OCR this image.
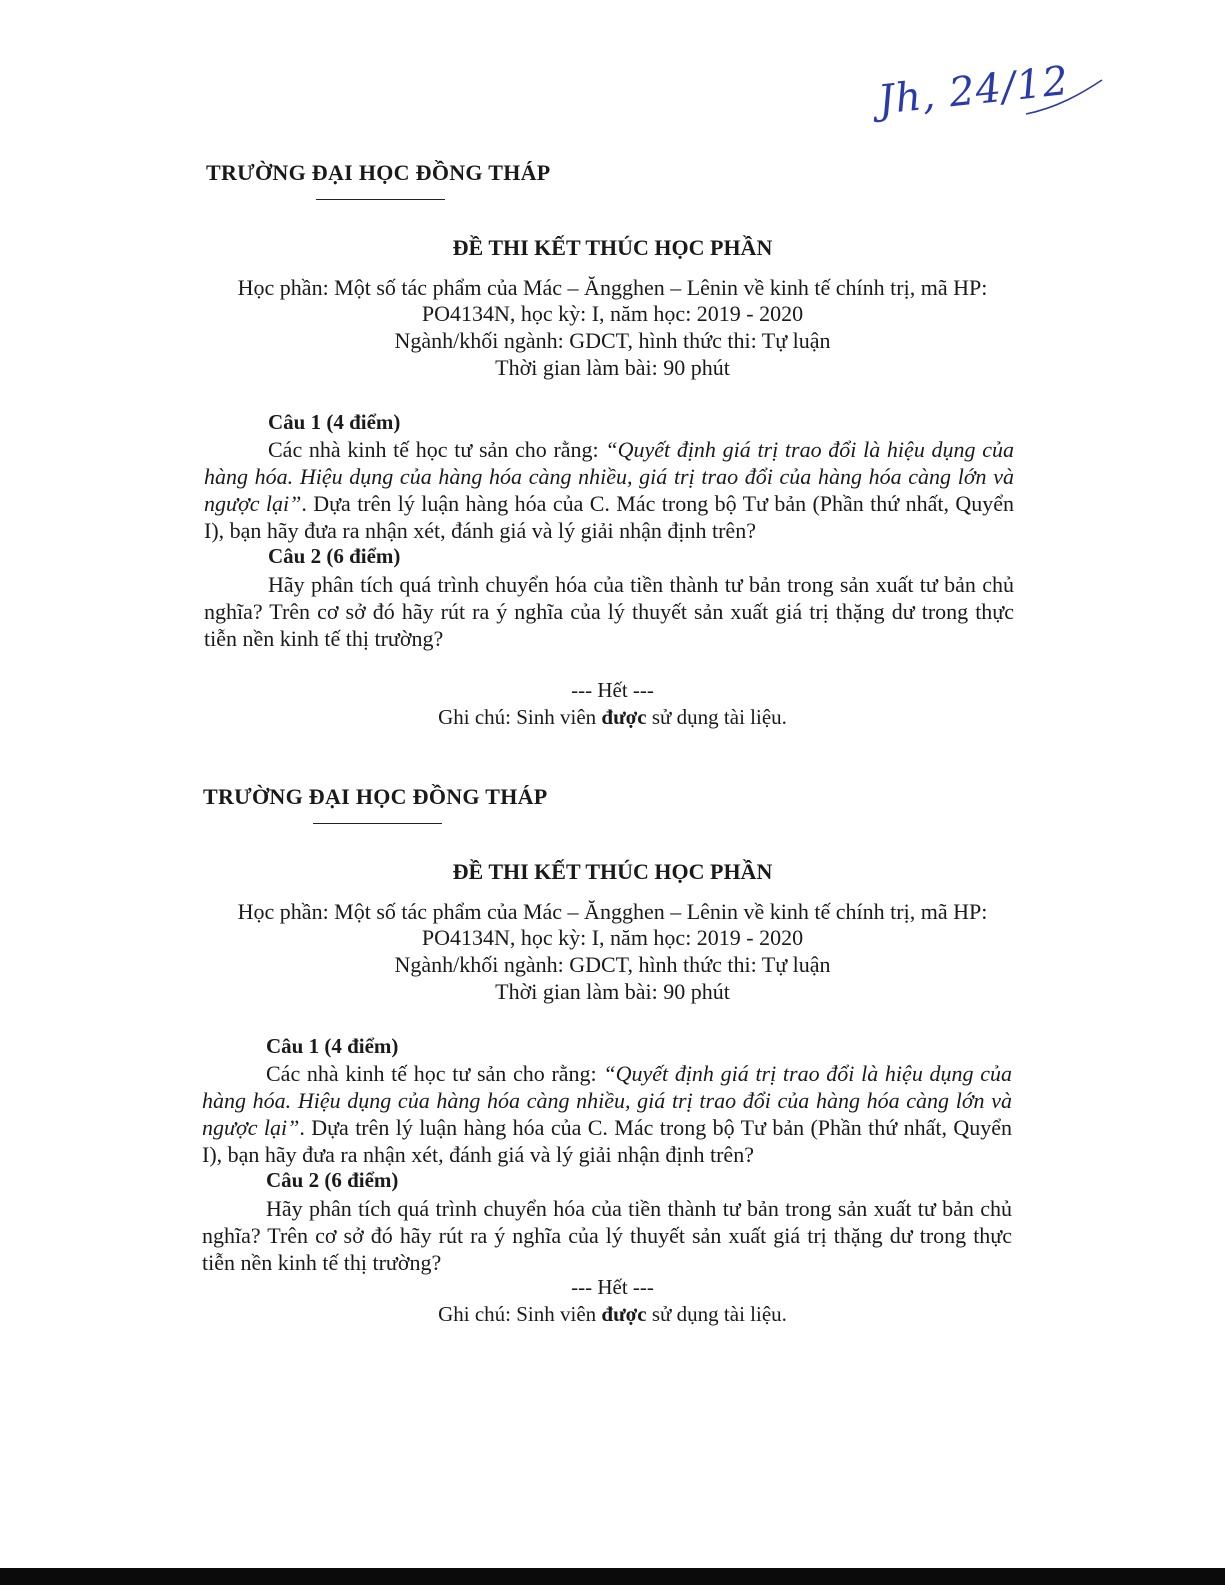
Jh, 24/12

TRƯỜNG ĐẠI HỌC ĐỒNG THÁP

ĐỀ THI KẾT THÚC HỌC PHẦN

Học phần: Một số tác phẩm của Mác – Ăngghen – Lênin về kinh tế chính trị, mã HP:

PO4134N, học kỳ: I, năm học: 2019 - 2020

Ngành/khối ngành: GDCT, hình thức thi: Tự luận

Thời gian làm bài: 90 phút

Câu 1 (4 điểm)

Các nhà kinh tế học tư sản cho rằng: “Quyết định giá trị trao đổi là hiệu dụng của hàng hóa. Hiệu dụng của hàng hóa càng nhiều, giá trị trao đổi của hàng hóa càng lớn và ngược lại”. Dựa trên lý luận hàng hóa của C. Mác trong bộ Tư bản (Phần thứ nhất, Quyển I), bạn hãy đưa ra nhận xét, đánh giá và lý giải nhận định trên?

Câu 2 (6 điểm)

Hãy phân tích quá trình chuyển hóa của tiền thành tư bản trong sản xuất tư bản chủ nghĩa? Trên cơ sở đó hãy rút ra ý nghĩa của lý thuyết sản xuất giá trị thặng dư trong thực tiễn nền kinh tế thị trường?

--- Hết ---

Ghi chú: Sinh viên được sử dụng tài liệu.

TRƯỜNG ĐẠI HỌC ĐỒNG THÁP

ĐỀ THI KẾT THÚC HỌC PHẦN

Học phần: Một số tác phẩm của Mác – Ăngghen – Lênin về kinh tế chính trị, mã HP:

PO4134N, học kỳ: I, năm học: 2019 - 2020

Ngành/khối ngành: GDCT, hình thức thi: Tự luận

Thời gian làm bài: 90 phút

Câu 1 (4 điểm)

Các nhà kinh tế học tư sản cho rằng: “Quyết định giá trị trao đổi là hiệu dụng của hàng hóa. Hiệu dụng của hàng hóa càng nhiều, giá trị trao đổi của hàng hóa càng lớn và ngược lại”. Dựa trên lý luận hàng hóa của C. Mác trong bộ Tư bản (Phần thứ nhất, Quyển I), bạn hãy đưa ra nhận xét, đánh giá và lý giải nhận định trên?

Câu 2 (6 điểm)

Hãy phân tích quá trình chuyển hóa của tiền thành tư bản trong sản xuất tư bản chủ nghĩa? Trên cơ sở đó hãy rút ra ý nghĩa của lý thuyết sản xuất giá trị thặng dư trong thực tiễn nền kinh tế thị trường?

--- Hết ---

Ghi chú: Sinh viên được sử dụng tài liệu.
